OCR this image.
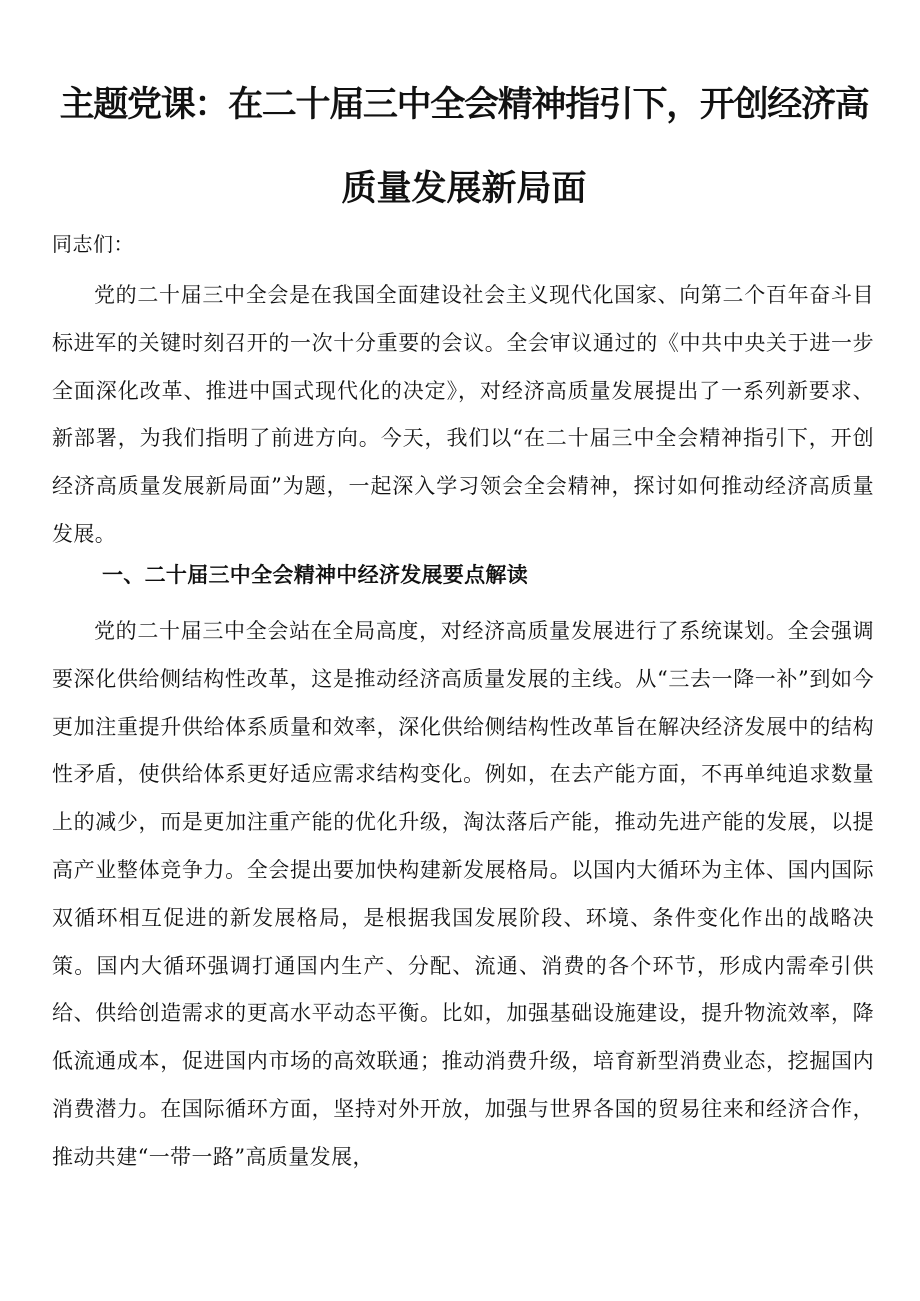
主题党课：在二十届三中全会精神指引下，开创经济高
质量发展新局面
同志们：

党的二十届三中全会是在我国全面建设社会主义现代化国家、向第二个百年奋斗目标进军的关键时刻召开的一次十分重要的会议。全会审议通过的《中共中央关于进一步全面深化改革、推进中国式现代化的决定》，对经济高质量发展提出了一系列新要求、新部署，为我们指明了前进方向。今天，我们以“在二十届三中全会精神指引下，开创经济高质量发展新局面”为题，一起深入学习领会全会精神，探讨如何推动经济高质量发展。

一、二十届三中全会精神中经济发展要点解读

党的二十届三中全会站在全局高度，对经济高质量发展进行了系统谋划。全会强调要深化供给侧结构性改革，这是推动经济高质量发展的主线。从“三去一降一补”到如今更加注重提升供给体系质量和效率，深化供给侧结构性改革旨在解决经济发展中的结构性矛盾，使供给体系更好适应需求结构变化。例如，在去产能方面，不再单纯追求数量上的减少，而是更加注重产能的优化升级，淘汰落后产能，推动先进产能的发展，以提高产业整体竞争力。全会提出要加快构建新发展格局。以国内大循环为主体、国内国际双循环相互促进的新发展格局，是根据我国发展阶段、环境、条件变化作出的战略决策。国内大循环强调打通国内生产、分配、流通、消费的各个环节，形成内需牵引供给、供给创造需求的更高水平动态平衡。比如，加强基础设施建设，提升物流效率，降低流通成本，促进国内市场的高效联通；推动消费升级，培育新型消费业态，挖掘国内消费潜力。在国际循环方面，坚持对外开放，加强与世界各国的贸易往来和经济合作，推动共建“一带一路”高质量发展，
